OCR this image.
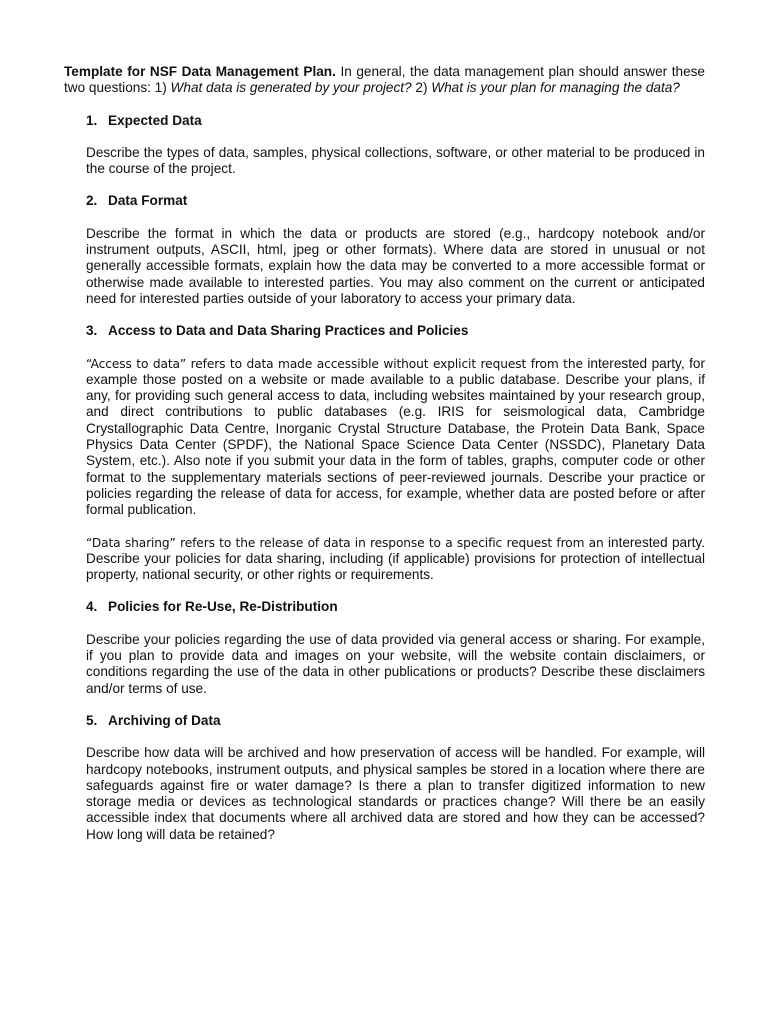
Template for NSF Data Management Plan. In general, the data management plan should answer these two questions: 1) What data is generated by your project? 2) What is your plan for managing the data?

1. Expected Data

Describe the types of data, samples, physical collections, software, or other material to be produced in the course of the project.

2. Data Format

Describe the format in which the data or products are stored (e.g., hardcopy notebook and/or instrument outputs, ASCII, html, jpeg or other formats). Where data are stored in unusual or not generally accessible formats, explain how the data may be converted to a more accessible format or otherwise made available to interested parties. You may also comment on the current or anticipated need for interested parties outside of your laboratory to access your primary data.

3. Access to Data and Data Sharing Practices and Policies

“Access to data” refers to data made accessible without explicit request from the interested party, for example those posted on a website or made available to a public database. Describe your plans, if any, for providing such general access to data, including websites maintained by your research group, and direct contributions to public databases (e.g. IRIS for seismological data, Cambridge Crystallographic Data Centre, Inorganic Crystal Structure Database, the Protein Data Bank, Space Physics Data Center (SPDF), the National Space Science Data Center (NSSDC), Planetary Data System, etc.). Also note if you submit your data in the form of tables, graphs, computer code or other format to the supplementary materials sections of peer-reviewed journals. Describe your practice or policies regarding the release of data for access, for example, whether data are posted before or after formal publication.

“Data sharing” refers to the release of data in response to a specific request from an interested party. Describe your policies for data sharing, including (if applicable) provisions for protection of intellectual property, national security, or other rights or requirements.

4. Policies for Re-Use, Re-Distribution

Describe your policies regarding the use of data provided via general access or sharing. For example, if you plan to provide data and images on your website, will the website contain disclaimers, or conditions regarding the use of the data in other publications or products? Describe these disclaimers and/or terms of use.

5. Archiving of Data

Describe how data will be archived and how preservation of access will be handled. For example, will hardcopy notebooks, instrument outputs, and physical samples be stored in a location where there are safeguards against fire or water damage? Is there a plan to transfer digitized information to new storage media or devices as technological standards or practices change? Will there be an easily accessible index that documents where all archived data are stored and how they can be accessed? How long will data be retained?
